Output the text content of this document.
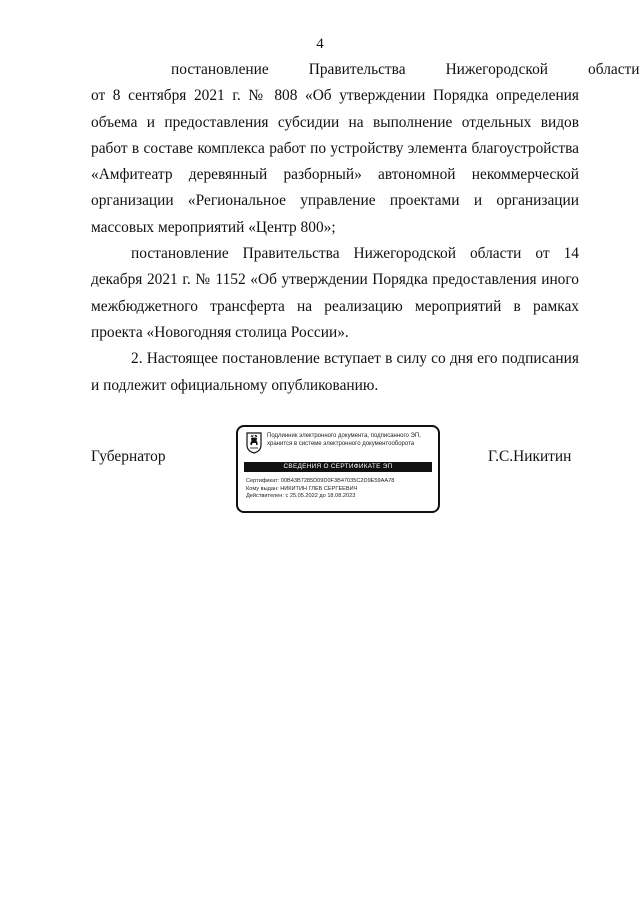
4
постановление	Правительства	Нижегородской	области

от 8 сентября 2021 г. № 808 «Об утверждении Порядка определения объема и предоставления субсидии на выполнение отдельных видов работ в составе комплекса работ по устройству элемента благоустройства «Амфитеатр деревянный разборный» автономной некоммерческой организации «Региональное управление проектами и организации массовых мероприятий «Центр 800»;

постановление Правительства Нижегородской области от 14 декабря 2021 г. № 1152 «Об утверждении Порядка предоставления иного межбюджетного трансферта на реализацию мероприятий в рамках проекта «Новогодняя столица России».

2. Настоящее постановление вступает в силу со дня его подписания и подлежит официальному опубликованию.

Губернатор
Подлинник электронного документа, подписанного ЭП, хранится в системе электронного документооборота
СВЕДЕНИЯ О СЕРТИФИКАТЕ ЭП
Сертификат: 00B43B7285D09D0F3B47035C2D9E59AA78
Кому выдан: НИКИТИН ГЛЕБ СЕРГЕЕВИЧ
Действителен: с 25.05.2022 до 18.08.2023
Г.С.Никитин
